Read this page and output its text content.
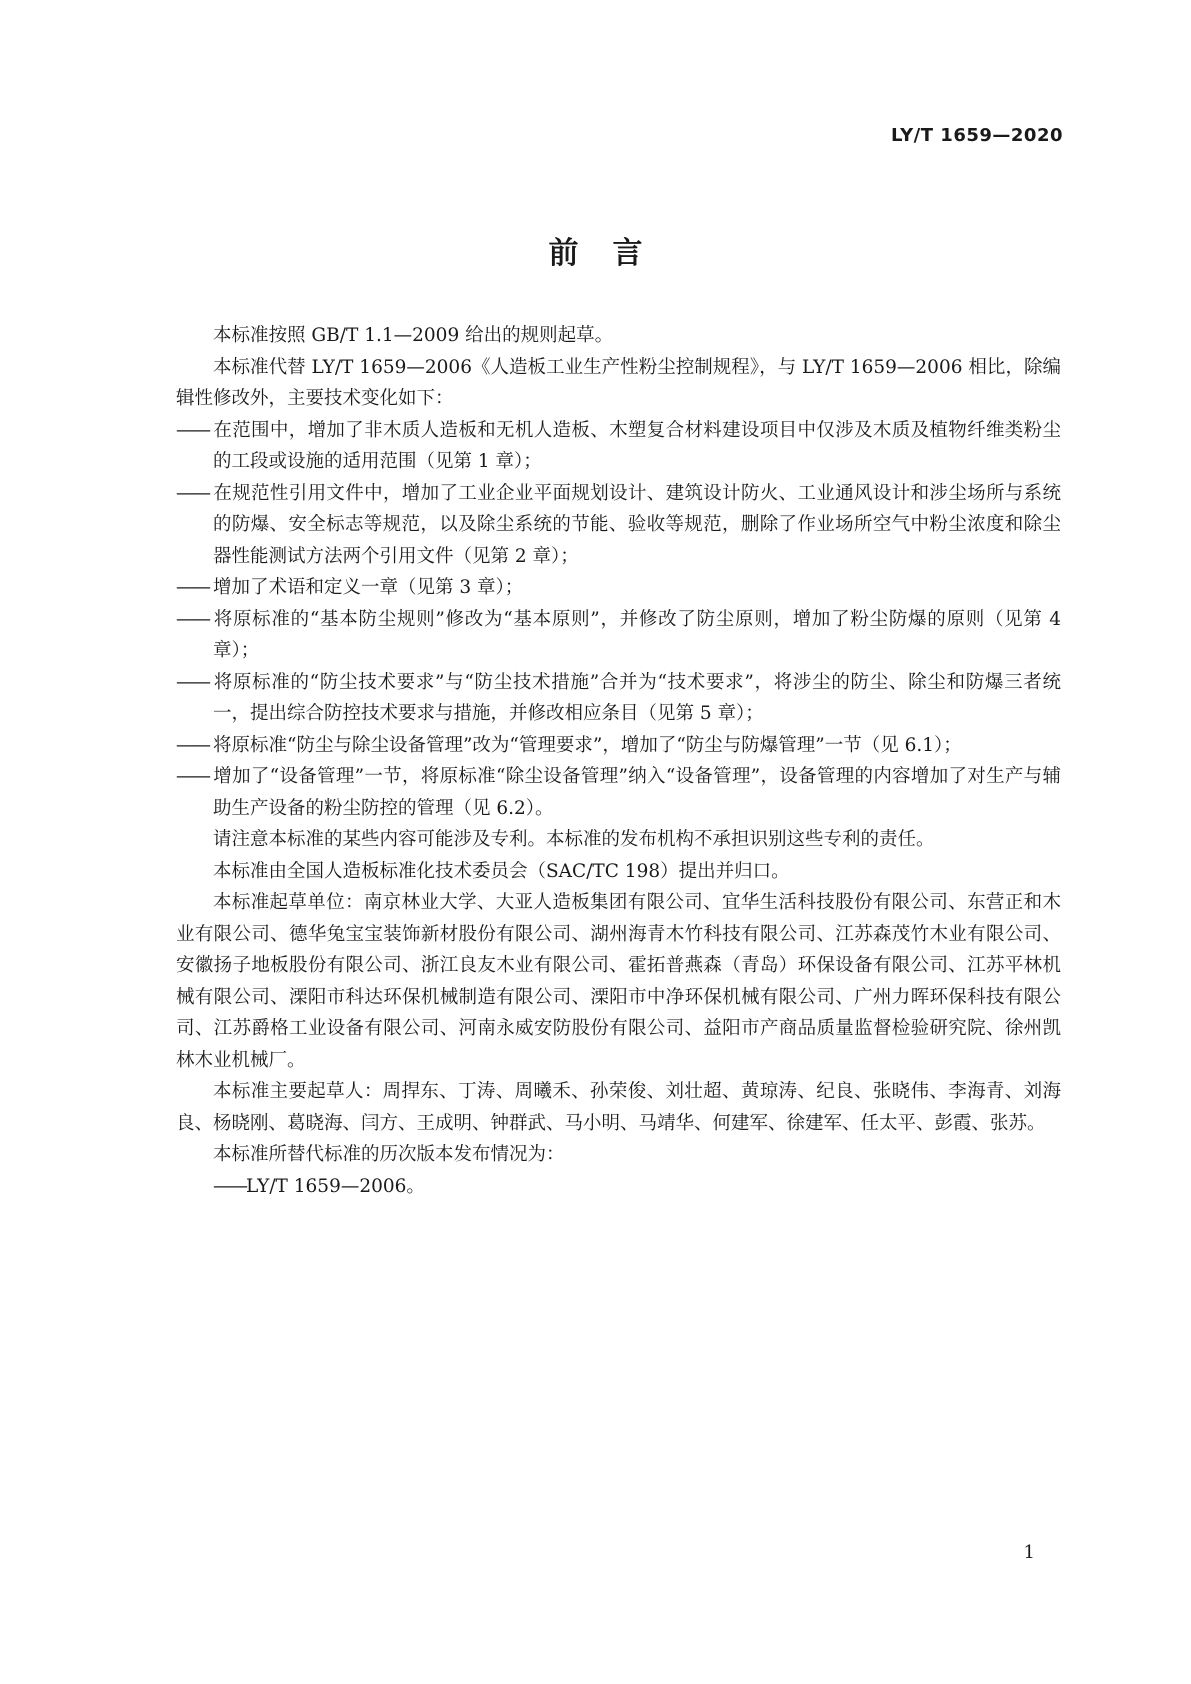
LY/T 1659—2020
前言

本标准按照 GB/T 1.1—2009 给出的规则起草。

本标准代替 LY/T 1659—2006《人造板工业生产性粉尘控制规程》，与 LY/T 1659—2006 相比，除编辑性修改外，主要技术变化如下：

—— 在范围中，增加了非木质人造板和无机人造板、木塑复合材料建设项目中仅涉及木质及植物纤维类粉尘的工段或设施的适用范围（见第 1 章）；

—— 在规范性引用文件中，增加了工业企业平面规划设计、建筑设计防火、工业通风设计和涉尘场所与系统的防爆、安全标志等规范，以及除尘系统的节能、验收等规范，删除了作业场所空气中粉尘浓度和除尘器性能测试方法两个引用文件（见第 2 章）；

—— 增加了术语和定义一章（见第 3 章）；

—— 将原标准的“基本防尘规则”修改为“基本原则”，并修改了防尘原则，增加了粉尘防爆的原则（见第 4 章）；

—— 将原标准的“防尘技术要求”与“防尘技术措施”合并为“技术要求”，将涉尘的防尘、除尘和防爆三者统一，提出综合防控技术要求与措施，并修改相应条目（见第 5 章）；

—— 将原标准“防尘与除尘设备管理”改为“管理要求”，增加了“防尘与防爆管理”一节（见 6.1）；

—— 增加了“设备管理”一节，将原标准“除尘设备管理”纳入“设备管理”，设备管理的内容增加了对生产与辅助生产设备的粉尘防控的管理（见 6.2）。

请注意本标准的某些内容可能涉及专利。本标准的发布机构不承担识别这些专利的责任。

本标准由全国人造板标准化技术委员会（SAC/TC 198）提出并归口。

本标准起草单位：南京林业大学、大亚人造板集团有限公司、宜华生活科技股份有限公司、东营正和木业有限公司、德华兔宝宝装饰新材股份有限公司、湖州海青木竹科技有限公司、江苏森茂竹木业有限公司、安徽扬子地板股份有限公司、浙江良友木业有限公司、霍拓普燕森（青岛）环保设备有限公司、江苏平林机械有限公司、溧阳市科达环保机械制造有限公司、溧阳市中净环保机械有限公司、广州力晖环保科技有限公司、江苏爵格工业设备有限公司、河南永威安防股份有限公司、益阳市产商品质量监督检验研究院、徐州凯林木业机械厂。

本标准主要起草人：周捍东、丁涛、周曦禾、孙荣俊、刘壮超、黄琼涛、纪良、张晓伟、李海青、刘海良、杨晓刚、葛晓海、闫方、王成明、钟群武、马小明、马靖华、何建军、徐建军、任太平、彭霞、张苏。

本标准所替代标准的历次版本发布情况为：

——LY/T 1659—2006。

1
